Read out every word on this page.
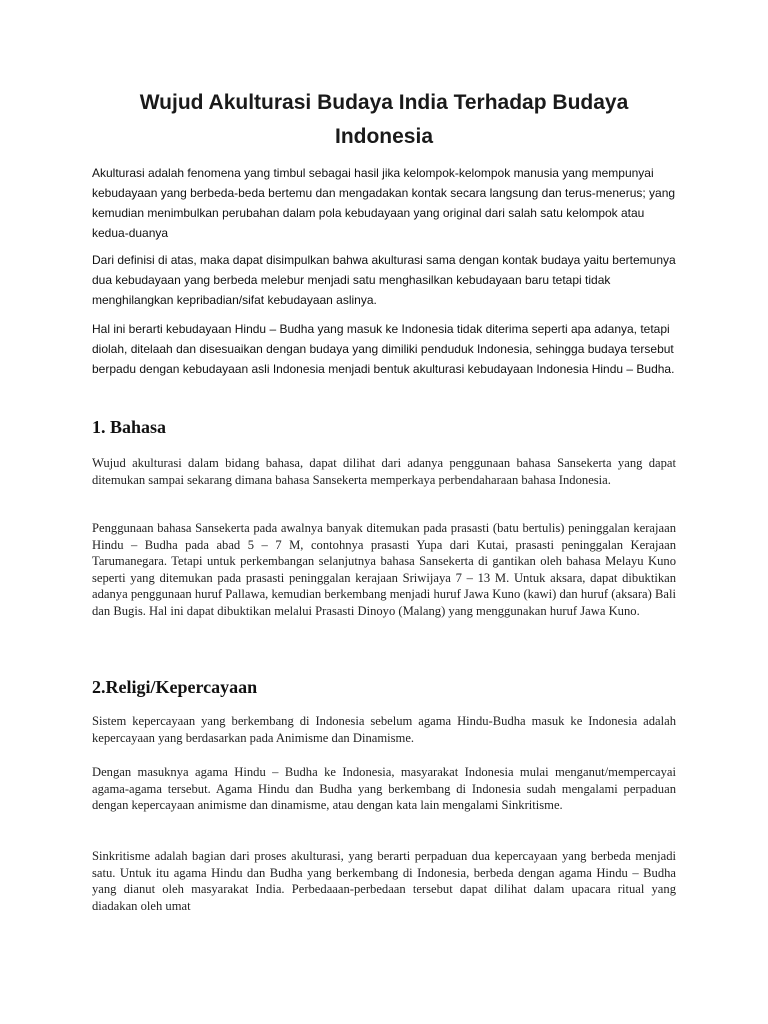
Wujud Akulturasi Budaya India Terhadap Budaya Indonesia

Akulturasi adalah fenomena yang timbul sebagai hasil jika kelompok-kelompok manusia yang mempunyai kebudayaan yang berbeda-beda bertemu dan mengadakan kontak secara langsung dan terus-menerus; yang kemudian menimbulkan perubahan dalam pola kebudayaan yang original dari salah satu kelompok atau kedua-duanya

Dari definisi di atas, maka dapat disimpulkan bahwa akulturasi sama dengan kontak budaya yaitu bertemunya dua kebudayaan yang berbeda melebur menjadi satu menghasilkan kebudayaan baru tetapi tidak menghilangkan kepribadian/sifat kebudayaan aslinya.

Hal ini berarti kebudayaan Hindu – Budha yang masuk ke Indonesia tidak diterima seperti apa adanya, tetapi diolah, ditelaah dan disesuaikan dengan budaya yang dimiliki penduduk Indonesia, sehingga budaya tersebut berpadu dengan kebudayaan asli Indonesia menjadi bentuk akulturasi kebudayaan Indonesia Hindu – Budha.

1. Bahasa

Wujud akulturasi dalam bidang bahasa, dapat dilihat dari adanya penggunaan bahasa Sansekerta yang dapat ditemukan sampai sekarang dimana bahasa Sansekerta memperkaya perbendaharaan bahasa Indonesia.

Penggunaan bahasa Sansekerta pada awalnya banyak ditemukan pada prasasti (batu bertulis) peninggalan kerajaan Hindu – Budha pada abad 5 – 7 M, contohnya prasasti Yupa dari Kutai, prasasti peninggalan Kerajaan Tarumanegara. Tetapi untuk perkembangan selanjutnya bahasa Sansekerta di gantikan oleh bahasa Melayu Kuno seperti yang ditemukan pada prasasti peninggalan kerajaan Sriwijaya 7 – 13 M. Untuk aksara, dapat dibuktikan adanya penggunaan huruf Pallawa, kemudian berkembang menjadi huruf Jawa Kuno (kawi) dan huruf (aksara) Bali dan Bugis. Hal ini dapat dibuktikan melalui Prasasti Dinoyo (Malang) yang menggunakan huruf Jawa Kuno.

2.Religi/Kepercayaan

Sistem kepercayaan yang berkembang di Indonesia sebelum agama Hindu-Budha masuk ke Indonesia adalah kepercayaan yang berdasarkan pada Animisme dan Dinamisme.

Dengan masuknya agama Hindu – Budha ke Indonesia, masyarakat Indonesia mulai menganut/mempercayai agama-agama tersebut. Agama Hindu dan Budha yang berkembang di Indonesia sudah mengalami perpaduan dengan kepercayaan animisme dan dinamisme, atau dengan kata lain mengalami Sinkritisme.

Sinkritisme adalah bagian dari proses akulturasi, yang berarti perpaduan dua kepercayaan yang berbeda menjadi satu. Untuk itu agama Hindu dan Budha yang berkembang di Indonesia, berbeda dengan agama Hindu – Budha yang dianut oleh masyarakat India. Perbedaaan-perbedaan tersebut dapat dilihat dalam upacara ritual yang diadakan oleh umat
